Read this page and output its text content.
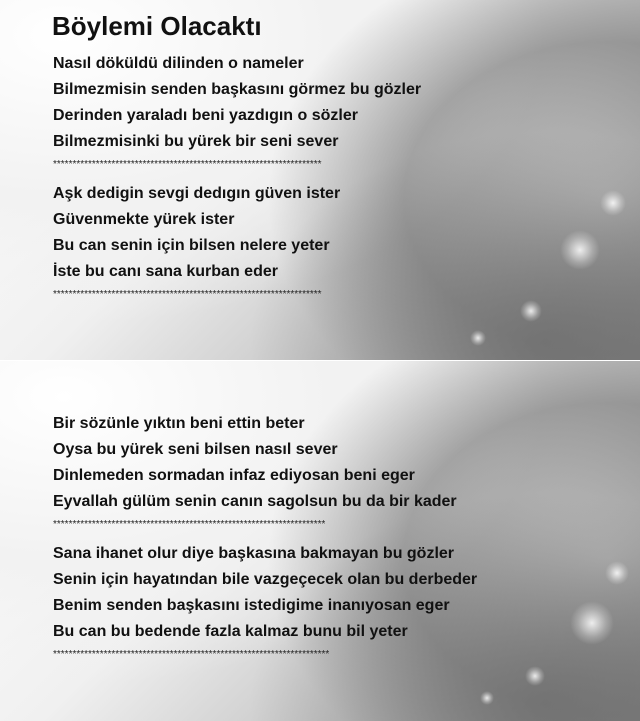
Böylemi Olacaktı
Nasıl döküldü dilinden o nameler
Bilmezmisin senden başkasını görmez bu gözler
Derinden yaraladı beni yazdıgın o sözler
Bilmezmisinki bu yürek bir seni sever
*********************************************************************
Aşk dedigin sevgi dedıgın güven ister
Güvenmekte yürek ister
Bu can senin için bilsen nelere yeter
İste bu canı sana kurban eder
*********************************************************************
Bir sözünle yıktın beni ettin beter
Oysa bu yürek seni bilsen nasıl sever
Dinlemeden sormadan infaz ediyosan beni eger
Eyvallah gülüm senin canın sagolsun bu da bir kader
**********************************************************************
Sana ihanet olur diye başkasına bakmayan bu gözler
Senin için hayatından bile vazgeçecek olan bu derbeder
Benim senden başkasını istedigime inanıyosan eger
Bu can bu bedende fazla kalmaz bunu bil yeter
***********************************************************************
